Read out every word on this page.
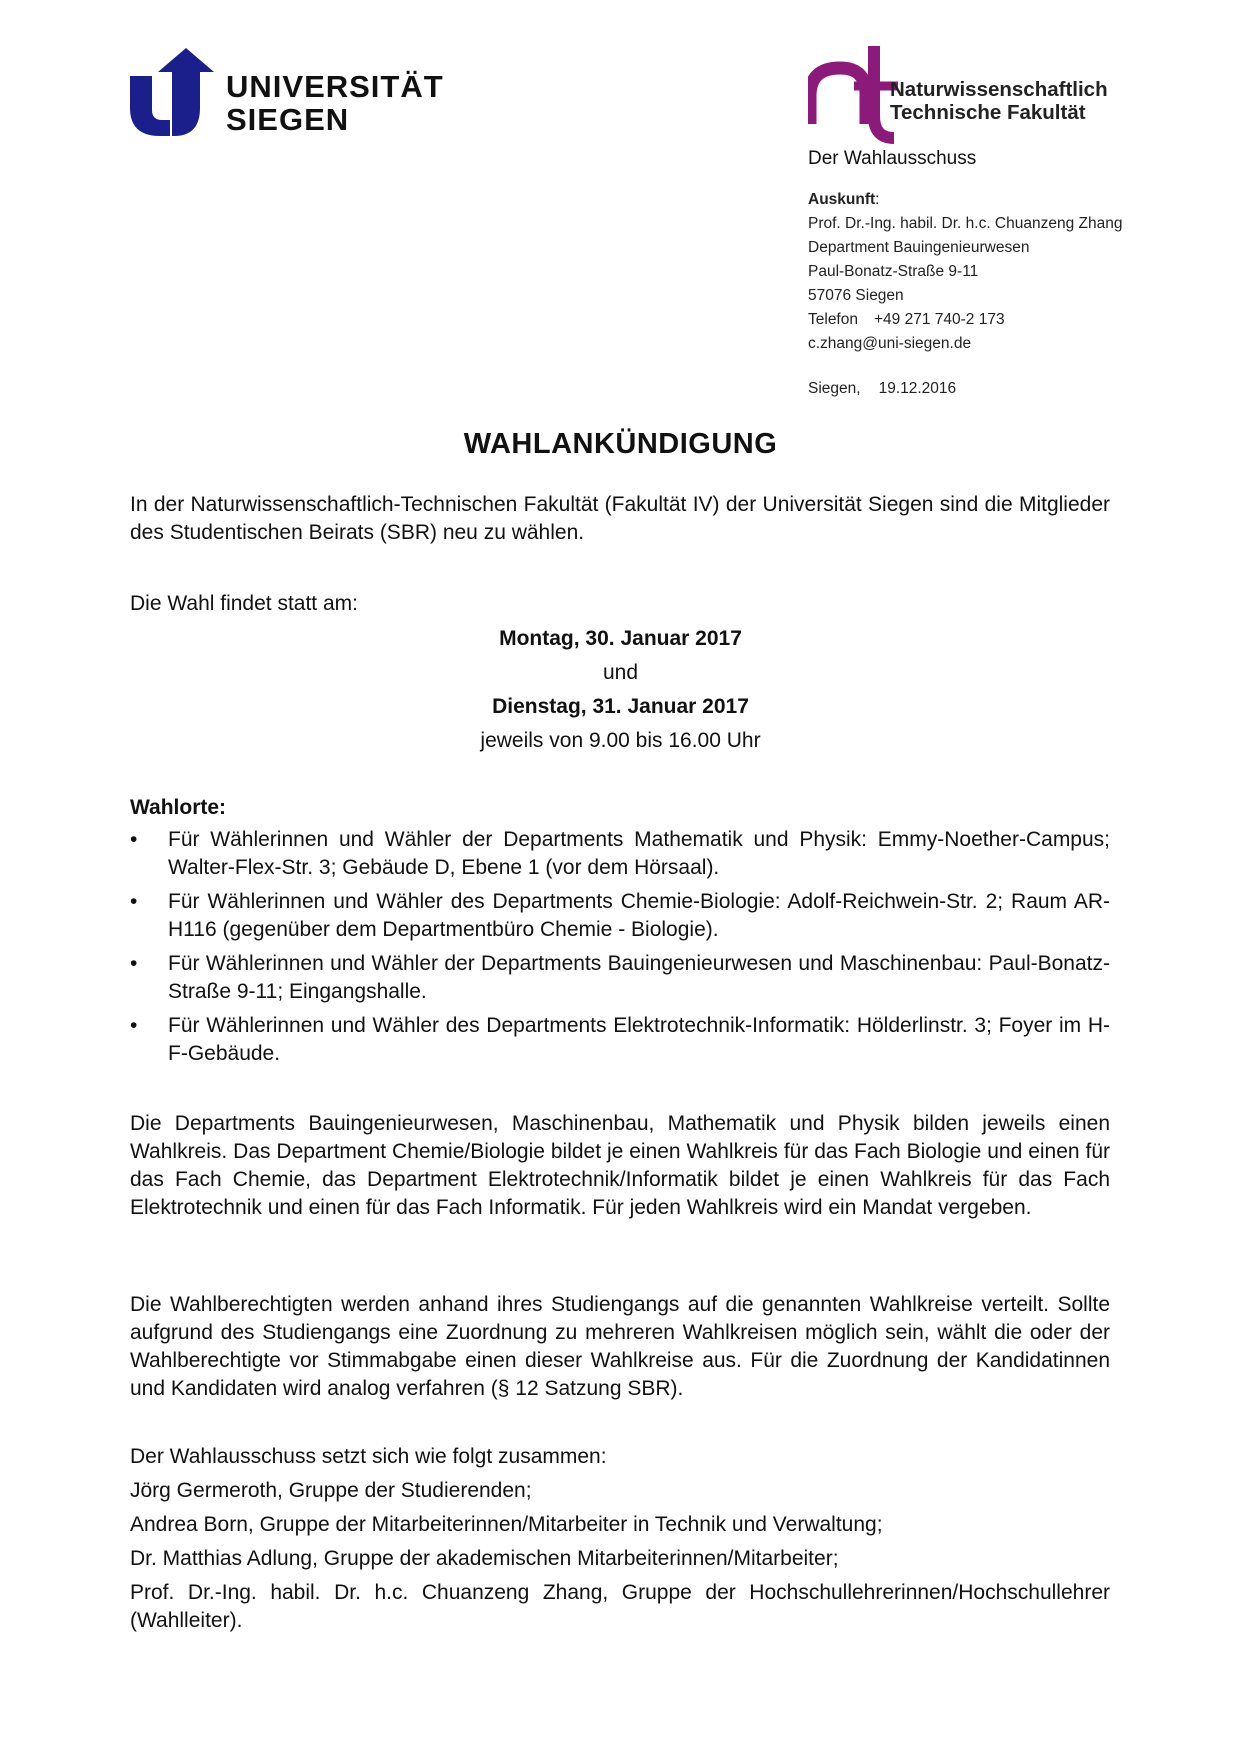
UNIVERSITÄT
SIEGEN
Naturwissenschaftlich
Technische Fakultät
Der Wahlausschuss
Auskunft:
Prof. Dr.-Ing. habil. Dr. h.c. Chuanzeng Zhang
Department Bauingenieurwesen
Paul-Bonatz-Straße 9-11
57076 Siegen
Telefon +49 271 740-2 173
c.zhang@uni-siegen.de
Siegen, 19.12.2016
WAHLANKÜNDIGUNG

In der Naturwissenschaftlich-Technischen Fakultät (Fakultät IV) der Universität Siegen sind die Mitglieder des Studentischen Beirats (SBR) neu zu wählen.

Die Wahl findet statt am:
Montag, 30. Januar 2017
und
Dienstag, 31. Januar 2017
jeweils von 9.00 bis 16.00 Uhr
Wahlorte:
• Für Wählerinnen und Wähler der Departments Mathematik und Physik: Emmy-Noether-Campus; Walter-Flex-Str. 3; Gebäude D, Ebene 1 (vor dem Hörsaal).
• Für Wählerinnen und Wähler des Departments Chemie-Biologie: Adolf-Reichwein-Str. 2; Raum AR-H116 (gegenüber dem Departmentbüro Chemie - Biologie).
• Für Wählerinnen und Wähler der Departments Bauingenieurwesen und Maschinenbau: Paul-Bonatz-Straße 9-11; Eingangshalle.
• Für Wählerinnen und Wähler des Departments Elektrotechnik-Informatik: Hölderlinstr. 3; Foyer im H-F-Gebäude.

Die Departments Bauingenieurwesen, Maschinenbau, Mathematik und Physik bilden jeweils einen Wahlkreis. Das Department Chemie/Biologie bildet je einen Wahlkreis für das Fach Biologie und einen für das Fach Chemie, das Department Elektrotechnik/Informatik bildet je einen Wahlkreis für das Fach Elektrotechnik und einen für das Fach Informatik. Für jeden Wahlkreis wird ein Mandat vergeben.

Die Wahlberechtigten werden anhand ihres Studiengangs auf die genannten Wahlkreise verteilt. Sollte aufgrund des Studiengangs eine Zuordnung zu mehreren Wahlkreisen möglich sein, wählt die oder der Wahlberechtigte vor Stimmabgabe einen dieser Wahlkreise aus. Für die Zuordnung der Kandidatinnen und Kandidaten wird analog verfahren (§ 12 Satzung SBR).

Der Wahlausschuss setzt sich wie folgt zusammen:
Jörg Germeroth, Gruppe der Studierenden;
Andrea Born, Gruppe der Mitarbeiterinnen/Mitarbeiter in Technik und Verwaltung;
Dr. Matthias Adlung, Gruppe der akademischen Mitarbeiterinnen/Mitarbeiter;
Prof. Dr.-Ing. habil. Dr. h.c. Chuanzeng Zhang, Gruppe der Hochschullehrerinnen/Hochschullehrer (Wahlleiter).
